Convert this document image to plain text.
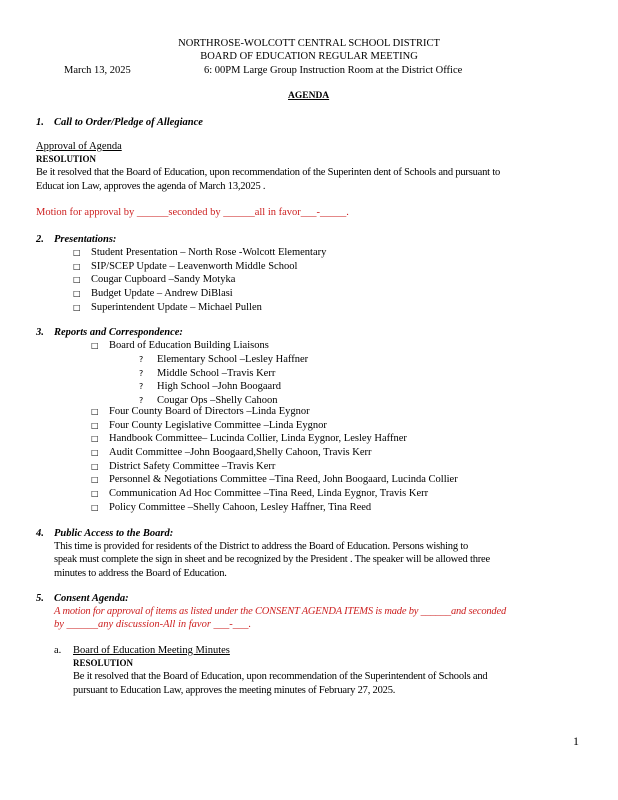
NORTHROSE-WOLCOTT CENTRAL SCHOOL DISTRICT
BOARD OF EDUCATION REGULAR MEETING
March 13, 2025	6: 00PM Large Group Instruction Room at the District Office
AGENDA
1. Call to Order/Pledge of Allegiance
Approval of Agenda
RESOLUTION
Be it resolved that the Board of Education, upon recommendation of the Superinten dent of Schools and pursuant to
Educat ion Law, approves the agenda of March 13,2025 .
Motion for approval by ______seconded by ______all in favor___-_____.
2. Presentations:
□ Student Presentation – North Rose -Wolcott Elementary
□ SIP/SCEP Update – Leavenworth Middle School
□ Cougar Cupboard –Sandy Motyka
□ Budget Update – Andrew DiBlasi
□ Superintendent Update – Michael Pullen
3. Reports and Correspondence:
□ Board of Education Building Liaisons
? Elementary School –Lesley Haffner
? Middle School –Travis Kerr
? High School –John Boogaard
? Cougar Ops –Shelly Cahoon
□ Four County Board of Directors –Linda Eygnor
□ Four County Legislative Committee –Linda Eygnor
□ Handbook Committee– Lucinda Collier, Linda Eygnor, Lesley Haffner
□ Audit Committee –John Boogaard,Shelly Cahoon, Travis Kerr
□ District Safety Committee –Travis Kerr
□ Personnel & Negotiations Committee –Tina Reed, John Boogaard, Lucinda Collier
□ Communication Ad Hoc Committee –Tina Reed, Linda Eygnor, Travis Kerr
□ Policy Committee –Shelly Cahoon, Lesley Haffner, Tina Reed
4. Public Access to the Board:
This time is provided for residents of the District to address the Board of Education. Persons wishing to
speak must complete the sign in sheet and be recognized by the President . The speaker will be allowed three
minutes to address the Board of Education.
5. Consent Agenda:
A motion for approval of items as listed under the CONSENT AGENDA ITEMS is made by ______and seconded
by ______any discussion-All in favor ___-___.
a. Board of Education Meeting Minutes
RESOLUTION
Be it resolved that the Board of Education, upon recommendation of the Superintendent of Schools and
pursuant to Education Law, approves the meeting minutes of February 27, 2025.
1
